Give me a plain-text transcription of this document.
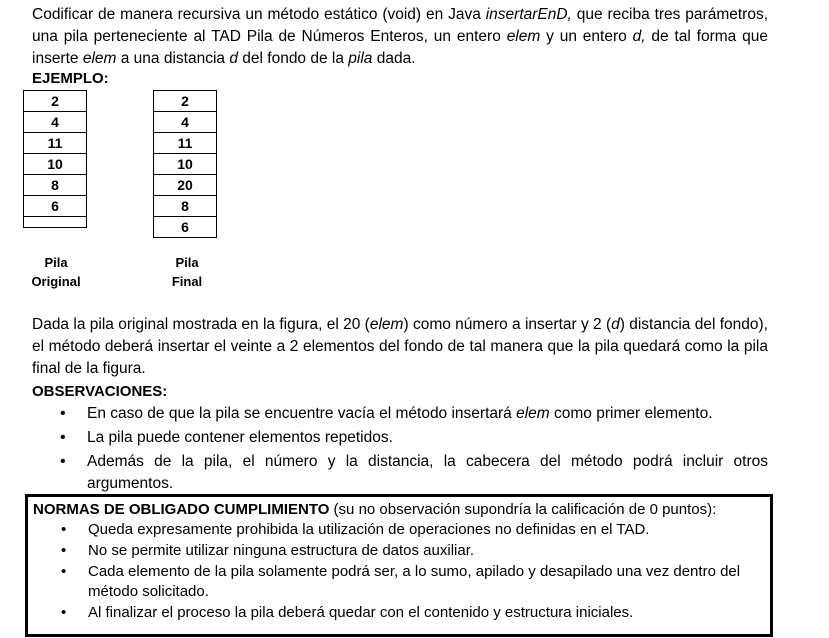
Codificar de manera recursiva un método estático (void) en Java insertarEnD, que reciba tres parámetros, una pila perteneciente al TAD Pila de Números Enteros, un entero elem y un entero d, de tal forma que inserte elem a una distancia d del fondo de la pila dada.

EJEMPLO:

2
4
11
10
8
6

2
4
11
10
20
8
6
Pila
Original
Pila
Final

Dada la pila original mostrada en la figura, el 20 (elem) como número a insertar y 2 (d) distancia del fondo), el método deberá insertar el veinte a 2 elementos del fondo de tal manera que la pila quedará como la pila final de la figura.

OBSERVACIONES:

• En caso de que la pila se encuentre vacía el método insertará elem como primer elemento.
• La pila puede contener elementos repetidos.
• Además de la pila, el número y la distancia, la cabecera del método podrá incluir otros argumentos.

NORMAS DE OBLIGADO CUMPLIMIENTO (su no observación supondría la calificación de 0 puntos):

• Queda expresamente prohibida la utilización de operaciones no definidas en el TAD.
• No se permite utilizar ninguna estructura de datos auxiliar.
• Cada elemento de la pila solamente podrá ser, a lo sumo, apilado y desapilado una vez dentro del método solicitado.
• Al finalizar el proceso la pila deberá quedar con el contenido y estructura iniciales.
